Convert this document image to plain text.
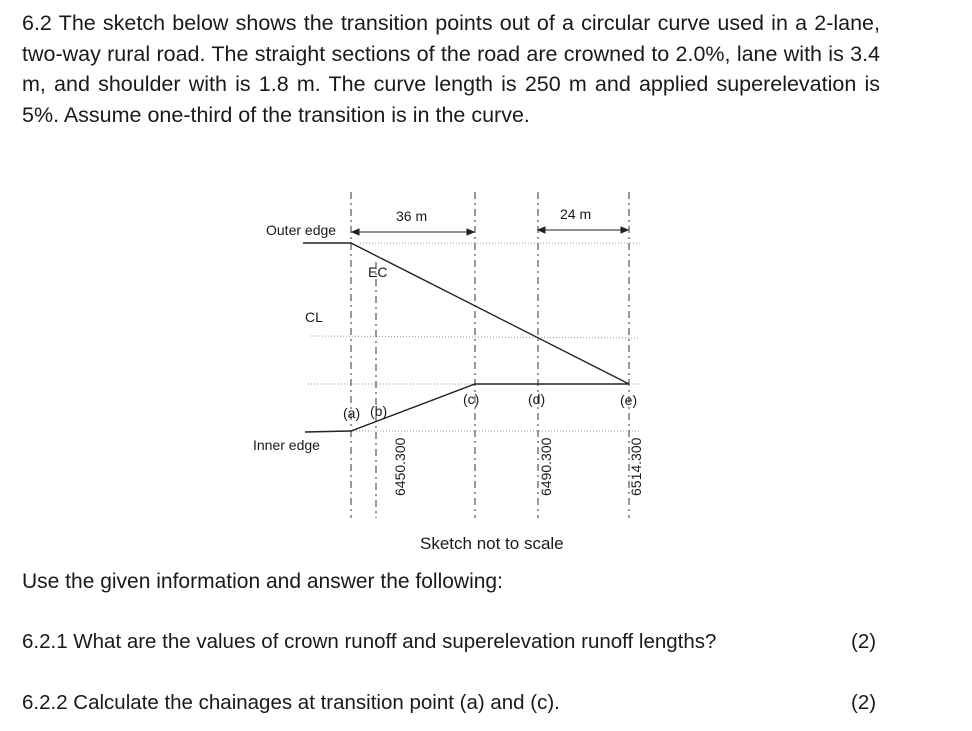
6.2 The sketch below shows the transition points out of a circular curve used in a 2-lane, two-way rural road. The straight sections of the road are crowned to 2.0%, lane with is 3.4 m, and shoulder with is 1.8 m. The curve length is 250 m and applied superelevation is 5%. Assume one-third of the transition is in the curve.

Outer edge
CL
Inner edge
36 m	24 m
EC
(a) (b)
(c)	(d)	(e)
6450.300	6490.300	6514.300
Sketch not to scale
Use the given information and answer the following:
6.2.1 What are the values of crown runoff and superelevation runoff lengths?	(2)
6.2.2 Calculate the chainages at transition point (a) and (c).	(2)
